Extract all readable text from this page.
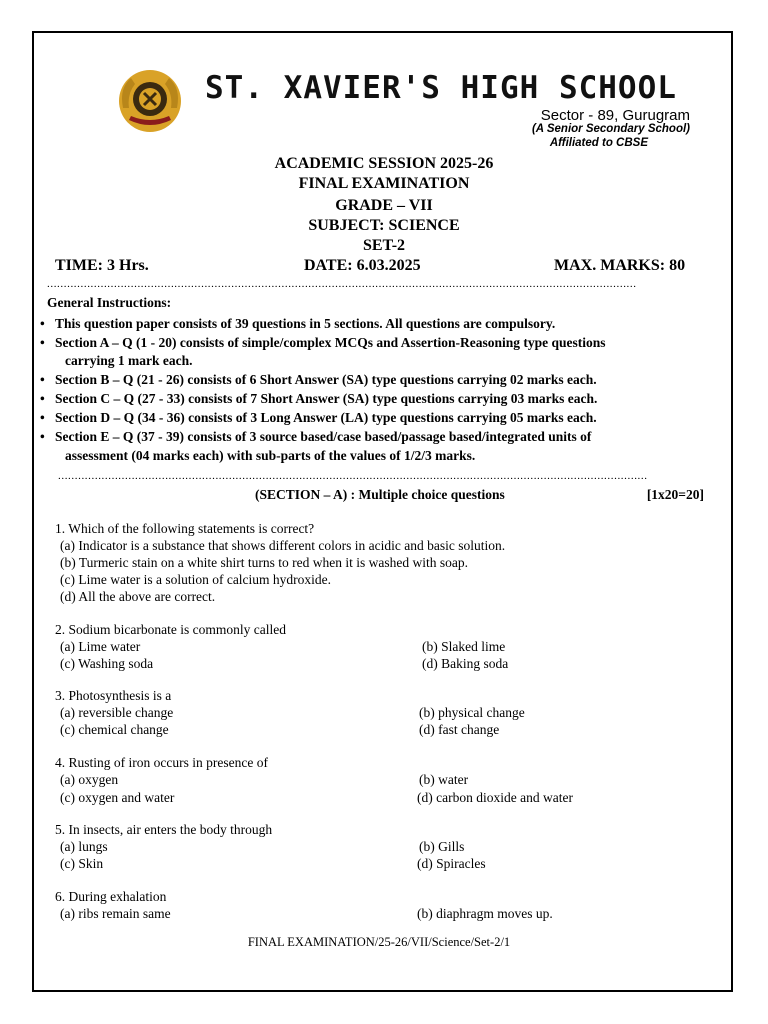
ST. XAVIER'S HIGH SCHOOL
Sector - 89, Gurugram
(A Senior Secondary School)
Affiliated to CBSE
ACADEMIC SESSION 2025-26
FINAL EXAMINATION
GRADE – VII
SUBJECT: SCIENCE
SET-2
TIME: 3 Hrs.	DATE: 6.03.2025	MAX. MARKS: 80
................................................................................................................................................................................
General Instructions:
• This question paper consists of 39 questions in 5 sections. All questions are compulsory.
• Section A – Q (1 - 20) consists of simple/complex MCQs and Assertion-Reasoning type questions
carrying 1 mark each.
• Section B – Q (21 - 26) consists of 6 Short Answer (SA) type questions carrying 02 marks each.
• Section C – Q (27 - 33) consists of 7 Short Answer (SA) type questions carrying 03 marks each.
• Section D – Q (34 - 36) consists of 3 Long Answer (LA) type questions carrying 05 marks each.
• Section E – Q (37 - 39) consists of 3 source based/case based/passage based/integrated units of
assessment (04 marks each) with sub-parts of the values of 1/2/3 marks.
................................................................................................................................................................................
(SECTION – A) : Multiple choice questions	[1x20=20]
1. Which of the following statements is correct?
(a) Indicator is a substance that shows different colors in acidic and basic solution.
(b) Turmeric stain on a white shirt turns to red when it is washed with soap.
(c) Lime water is a solution of calcium hydroxide.
(d) All the above are correct.
2. Sodium bicarbonate is commonly called
(a) Lime water	(b) Slaked lime
(c) Washing soda	(d) Baking soda
3. Photosynthesis is a
(a) reversible change	(b) physical change
(c) chemical change	(d) fast change
4. Rusting of iron occurs in presence of
(a) oxygen	(b) water
(c) oxygen and water	(d) carbon dioxide and water
5. In insects, air enters the body through
(a) lungs	(b) Gills
(c) Skin	(d) Spiracles
6. During exhalation
(a) ribs remain same	(b) diaphragm moves up.
FINAL EXAMINATION/25-26/VII/Science/Set-2/1
